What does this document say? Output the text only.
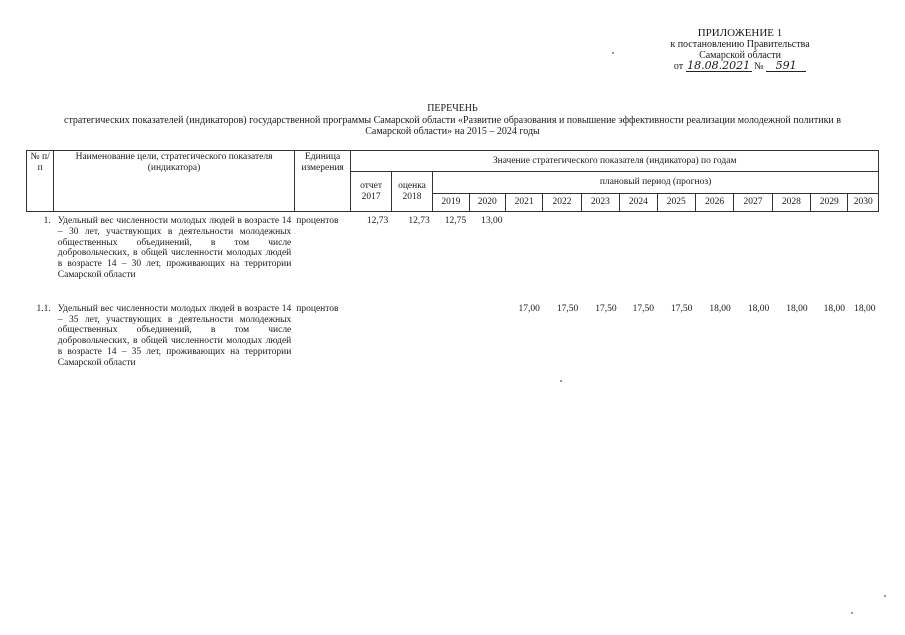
ПРИЛОЖЕНИЕ 1
к постановлению Правительства
Самарской области
от 18.08.2021 № 591
ПЕРЕЧЕНЬ
стратегических показателей (индикаторов) государственной программы Самарской области «Развитие образования и повышение эффективности реализации молодежной политики в Самарской области» на 2015 – 2024 годы
№ п/п	Наименование цели, стратегического показателя (индикатора)	Единица измерения	Значение стратегического показателя (индикатора) по годам													
			отчет 2017	оценка 2018	плановый период (прогноз)											
					2019	2020	2021	2022	2023	2024	2025	2026	2027	2028	2029	2030
1.	Удельный вес численности молодых людей в возрасте 14 – 30 лет, участвующих в деятельности молодежных общественных объединений, в том числе добровольческих, в общей численности молодых людей в возрасте 14 – 30 лет, проживающих на территории Самарской области	процентов	12,73	12,73	12,75	13,00										

1.1.	Удельный вес численности молодых людей в возрасте 14 – 35 лет, участвующих в деятельности молодежных общественных объединений, в том числе добровольческих, в общей численности молодых людей в возрасте 14 – 35 лет, проживающих на территории Самарской области	процентов					17,00	17,50	17,50	17,50	17,50	18,00	18,00	18,00	18,00	18,00
